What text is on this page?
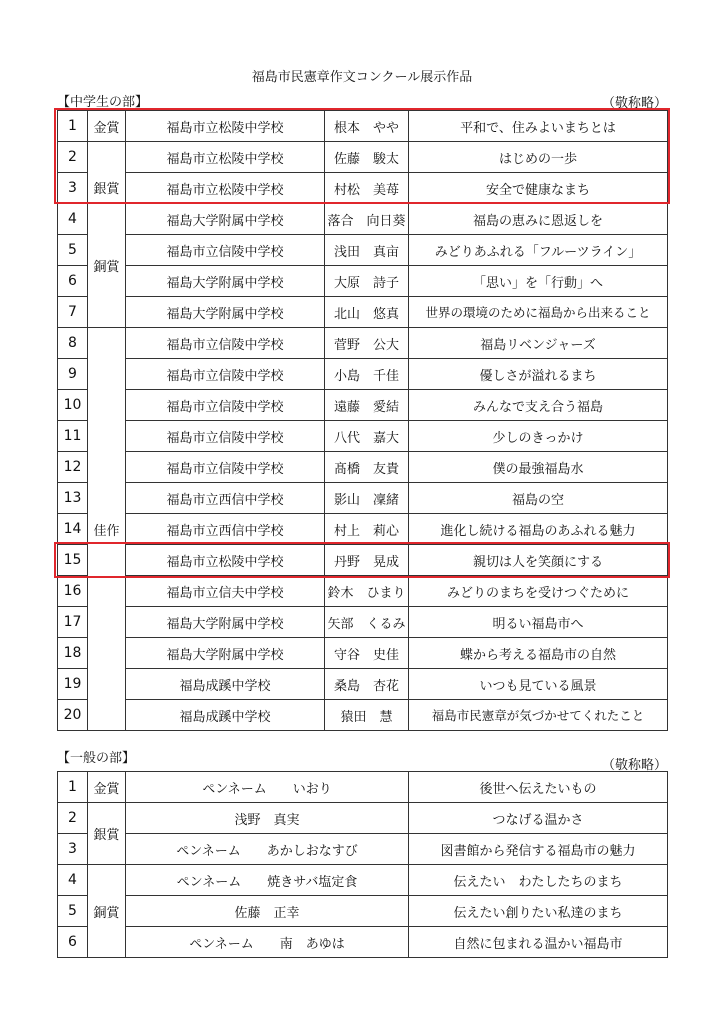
福島市民憲章作文コンクール展示作品
【中学生の部】	（敬称略）
1	金賞	福島市立松陵中学校	根本　やや	平和で、住みよいまちとは
2	銀賞	福島市立松陵中学校	佐藤　駿太	はじめの一歩
3		福島市立松陵中学校	村松　美苺	安全で健康なまち
4	銅賞	福島大学附属中学校	落合　向日葵	福島の恵みに恩返しを
5		福島市立信陵中学校	浅田　真亩	みどりあふれる「フルーツライン」
6		福島大学附属中学校	大原　詩子	「思い」を「行動」へ
7		福島大学附属中学校	北山　悠真	世界の環境のために福島から出来ること
8	佳作	福島市立信陵中学校	菅野　公大	福島リベンジャーズ
9		福島市立信陵中学校	小島　千佳	優しさが溢れるまち
10		福島市立信陵中学校	遠藤　愛結	みんなで支え合う福島
11		福島市立信陵中学校	八代　嘉大	少しのきっかけ
12		福島市立信陵中学校	髙橋　友貴	僕の最強福島水
13		福島市立西信中学校	影山　凜緒	福島の空
14		福島市立西信中学校	村上　莉心	進化し続ける福島のあふれる魅力
15		福島市立松陵中学校	丹野　晃成	親切は人を笑顔にする
16		福島市立信夫中学校	鈴木　ひまり	みどりのまちを受けつぐために
17		福島大学附属中学校	矢部　くるみ	明るい福島市へ
18		福島大学附属中学校	守谷　史佳	蝶から考える福島市の自然
19		福島成蹊中学校	桑島　杏花	いつも見ている風景
20		福島成蹊中学校	猿田　慧	福島市民憲章が気づかせてくれたこと
【一般の部】	（敬称略）
1	金賞	ペンネーム　　いおり	後世へ伝えたいもの
2	銀賞	浅野　真実	つなげる温かさ
3		ペンネーム　　あかしおなすび	図書館から発信する福島市の魅力
4	銅賞	ペンネーム　　焼きサバ塩定食	伝えたい　わたしたちのまち
5		佐藤　正幸	伝えたい創りたい私達のまち
6		ペンネーム　　南　あゆは	自然に包まれる温かい福島市
